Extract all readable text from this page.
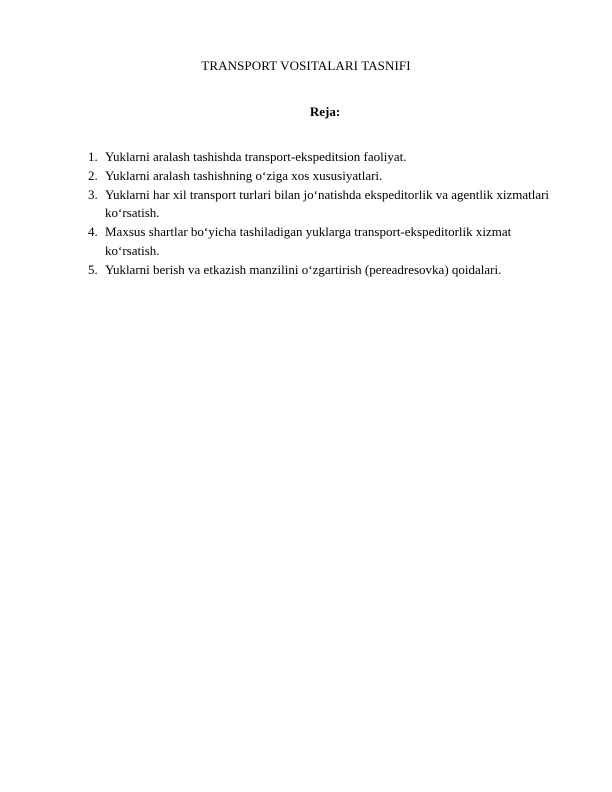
TRANSPORT VOSITALARI TASNIFI
Reja:
1. Yuklarni aralash tashishda transport-ekspeditsion faoliyat.
2. Yuklarni aralash tashishning o‘ziga xos xususiyatlari.
3. Yuklarni har xil transport turlari bilan jo‘natishda ekspeditorlik va agentlik xizmatlari ko‘rsatish.
4. Maxsus shartlar bo‘yicha tashiladigan yuklarga transport-ekspeditorlik xizmat ko‘rsatish.
5. Yuklarni berish va etkazish manzilini o‘zgartirish (pereadresovka) qoidalari.
